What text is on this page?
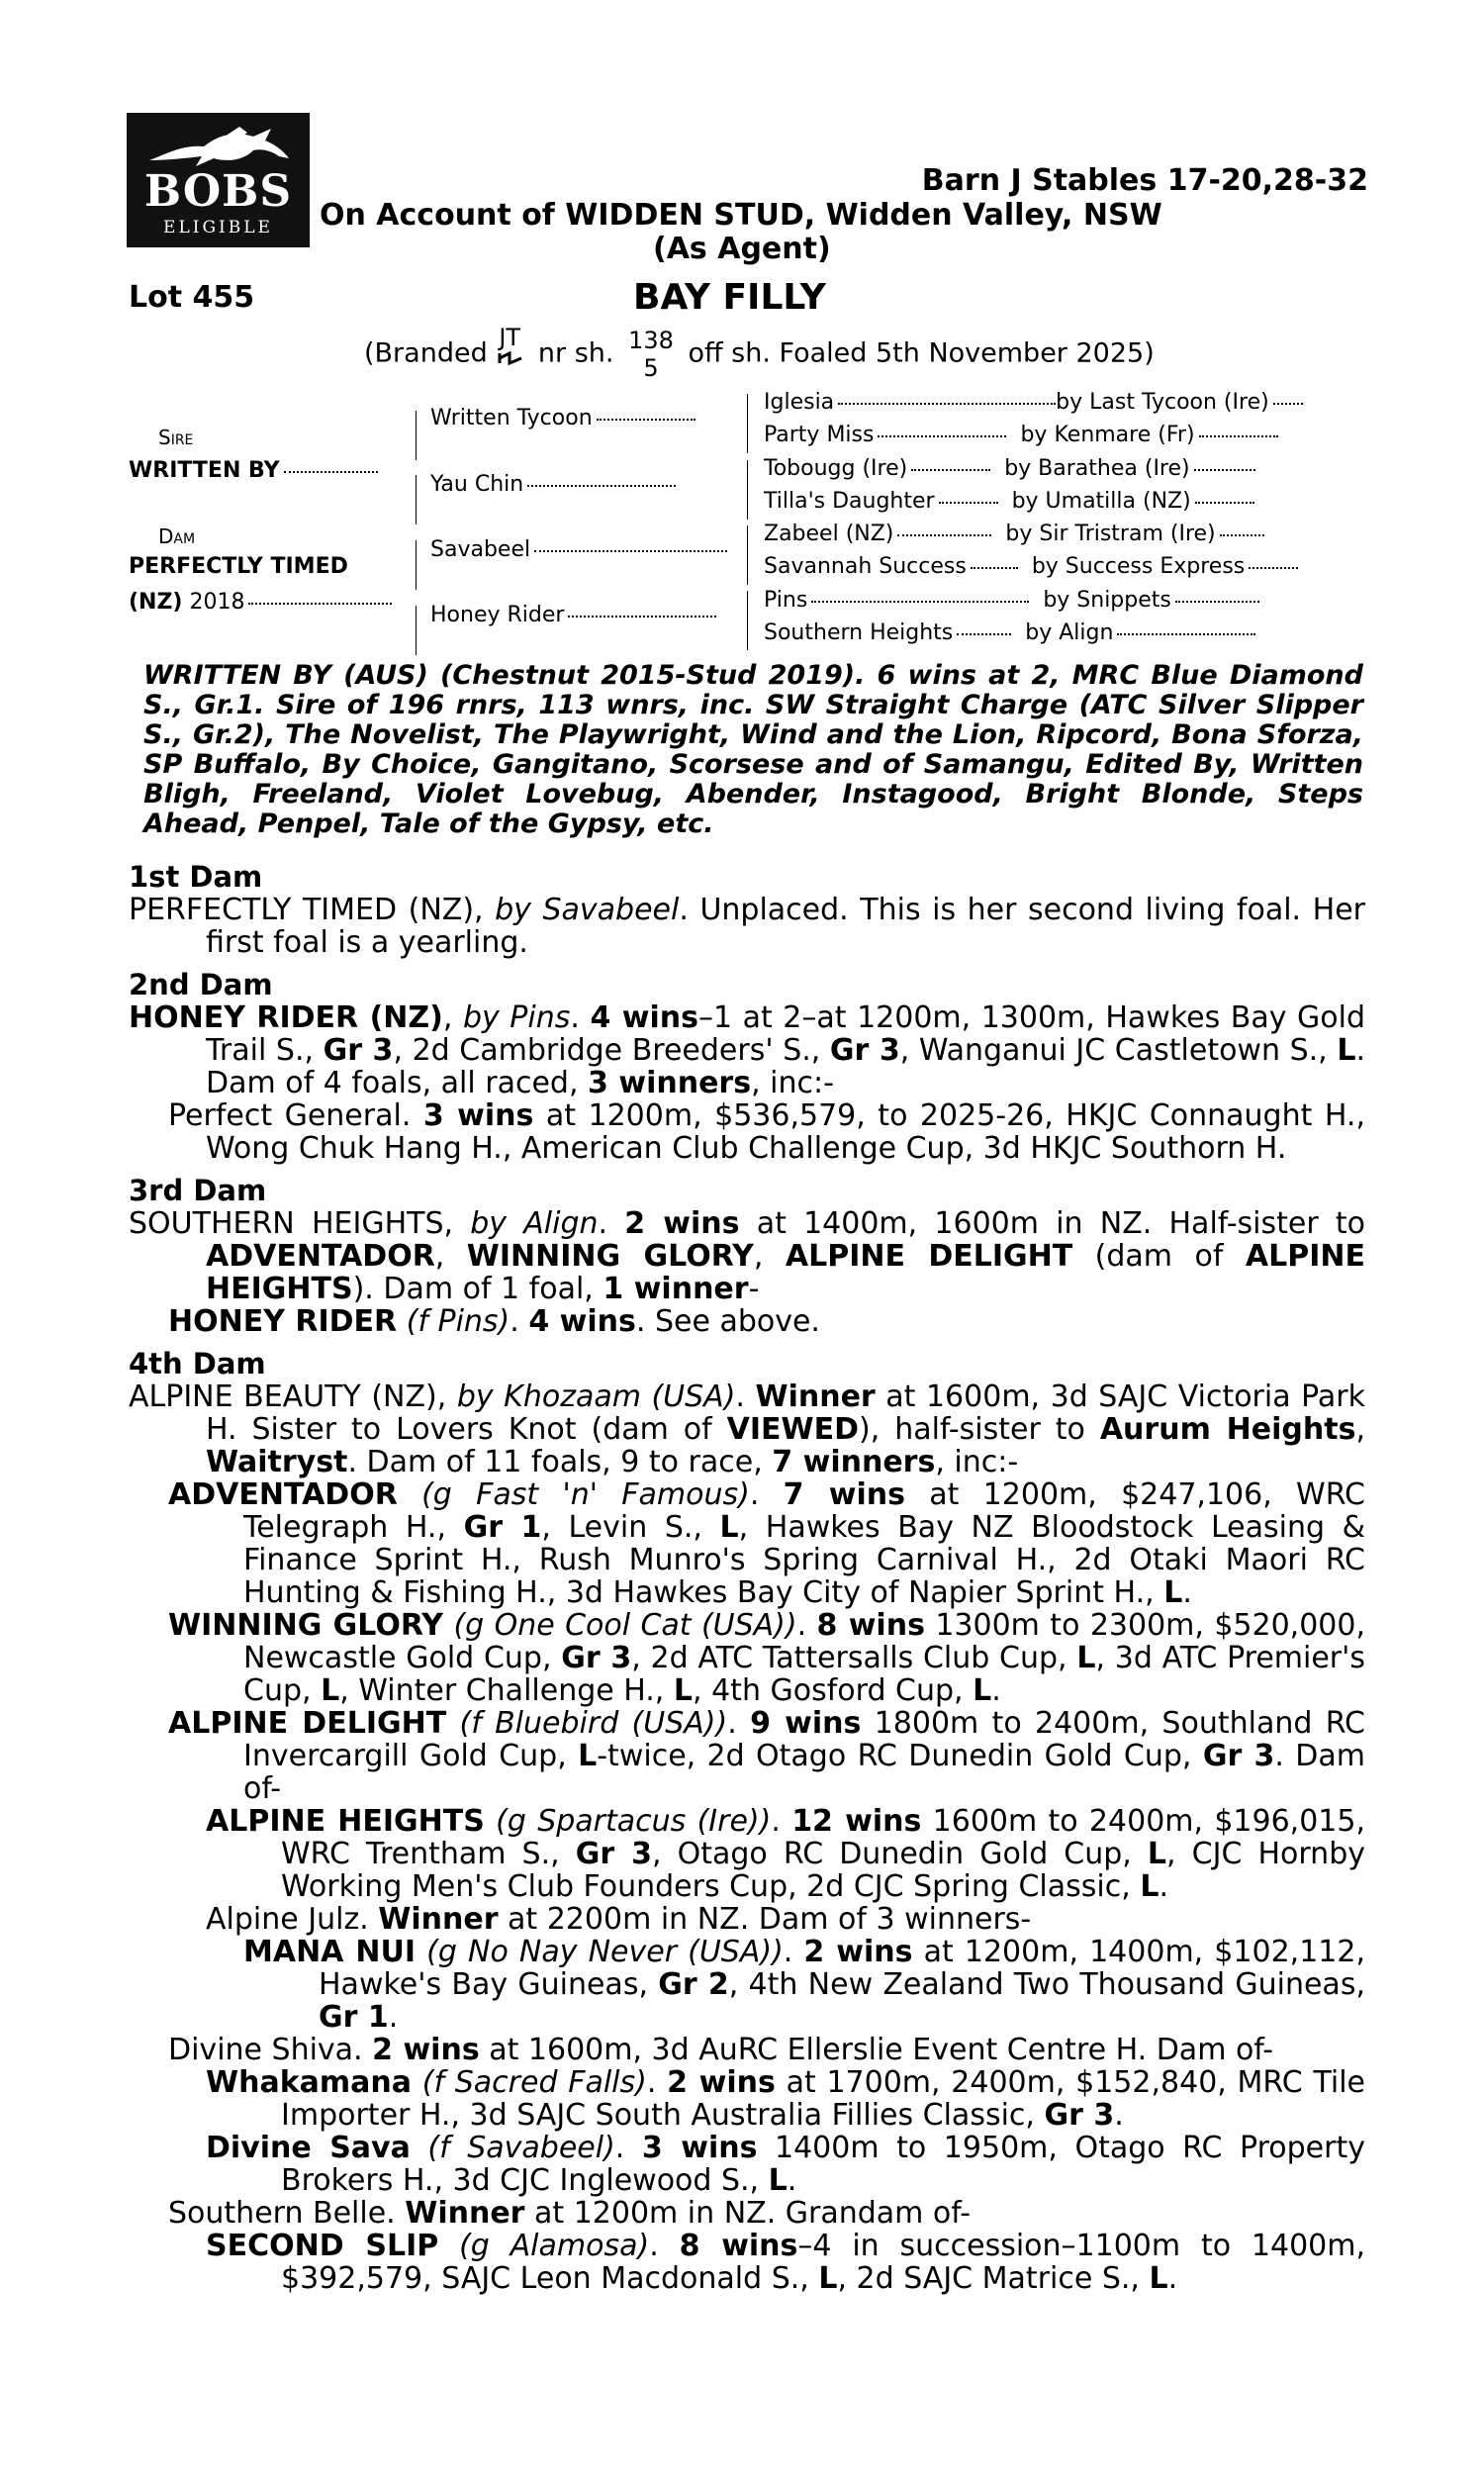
BOBS
ELIGIBLE
Barn J Stables 17-20,28-32
On Account of WIDDEN STUD, Widden Valley, NSW
(As Agent)
Lot 455	BAY FILLY
(Branded
JT
nr sh. 138
5	off sh. Foaled 5th November 2025)
Sire
WRITTEN BY
Dam
PERFECTLY TIMED
(NZ) 2018
Written Tycoon
Yau Chin
Savabeel
Honey Rider
Iglesia	by Last Tycoon (Ire)
Party Miss	by Kenmare (Fr)
Tobougg (Ire)	by Barathea (Ire)
Tilla's Daughter	by Umatilla (NZ)
Zabeel (NZ)	by Sir Tristram (Ire)
Savannah Success	by Success Express
Pins	by Snippets
Southern Heights	by Align
WRITTEN BY (AUS) (Chestnut 2015-Stud 2019). 6 wins at 2, MRC Blue Diamond S., Gr.1. Sire of 196 rnrs, 113 wnrs, inc. SW Straight Charge (ATC Silver Slipper S., Gr.2), The Novelist, The Playwright, Wind and the Lion, Ripcord, Bona Sforza, SP Buffalo, By Choice, Gangitano, Scorsese and of Samangu, Edited By, Written Bligh, Freeland, Violet Lovebug, Abender, Instagood, Bright Blonde, Steps Ahead, Penpel, Tale of the Gypsy, etc.
1st Dam

PERFECTLY TIMED (NZ), by Savabeel. Unplaced. This is her second living foal. Her first foal is a yearling.

2nd Dam

HONEY RIDER (NZ), by Pins. 4 wins–1 at 2–at 1200m, 1300m, Hawkes Bay Gold Trail S., Gr 3, 2d Cambridge Breeders' S., Gr 3, Wanganui JC Castletown S., L. Dam of 4 foals, all raced, 3 winners, inc:-

Perfect General. 3 wins at 1200m, $536,579, to 2025-26, HKJC Connaught H., Wong Chuk Hang H., American Club Challenge Cup, 3d HKJC Southorn H.

3rd Dam

SOUTHERN HEIGHTS, by Align. 2 wins at 1400m, 1600m in NZ. Half-sister to ADVENTADOR, WINNING GLORY, ALPINE DELIGHT (dam of ALPINE HEIGHTS). Dam of 1 foal, 1 winner-

HONEY RIDER (f Pins). 4 wins. See above.

4th Dam

ALPINE BEAUTY (NZ), by Khozaam (USA). Winner at 1600m, 3d SAJC Victoria Park H. Sister to Lovers Knot (dam of VIEWED), half-sister to Aurum Heights, Waitryst. Dam of 11 foals, 9 to race, 7 winners, inc:-

ADVENTADOR (g Fast 'n' Famous). 7 wins at 1200m, $247,106, WRC Telegraph H., Gr 1, Levin S., L, Hawkes Bay NZ Bloodstock Leasing & Finance Sprint H., Rush Munro's Spring Carnival H., 2d Otaki Maori RC Hunting & Fishing H., 3d Hawkes Bay City of Napier Sprint H., L.

WINNING GLORY (g One Cool Cat (USA)). 8 wins 1300m to 2300m, $520,000, Newcastle Gold Cup, Gr 3, 2d ATC Tattersalls Club Cup, L, 3d ATC Premier's Cup, L, Winter Challenge H., L, 4th Gosford Cup, L.

ALPINE DELIGHT (f Bluebird (USA)). 9 wins 1800m to 2400m, Southland RC Invercargill Gold Cup, L-twice, 2d Otago RC Dunedin Gold Cup, Gr 3. Dam of-

ALPINE HEIGHTS (g Spartacus (Ire)). 12 wins 1600m to 2400m, $196,015, WRC Trentham S., Gr 3, Otago RC Dunedin Gold Cup, L, CJC Hornby Working Men's Club Founders Cup, 2d CJC Spring Classic, L.

Alpine Julz. Winner at 2200m in NZ. Dam of 3 winners-

MANA NUI (g No Nay Never (USA)). 2 wins at 1200m, 1400m, $102,112, Hawke's Bay Guineas, Gr 2, 4th New Zealand Two Thousand Guineas, Gr 1.

Divine Shiva. 2 wins at 1600m, 3d AuRC Ellerslie Event Centre H. Dam of-

Whakamana (f Sacred Falls). 2 wins at 1700m, 2400m, $152,840, MRC Tile Importer H., 3d SAJC South Australia Fillies Classic, Gr 3.

Divine Sava (f Savabeel). 3 wins 1400m to 1950m, Otago RC Property Brokers H., 3d CJC Inglewood S., L.

Southern Belle. Winner at 1200m in NZ. Grandam of-

SECOND SLIP (g Alamosa). 8 wins–4 in succession–1100m to 1400m, $392,579, SAJC Leon Macdonald S., L, 2d SAJC Matrice S., L.
